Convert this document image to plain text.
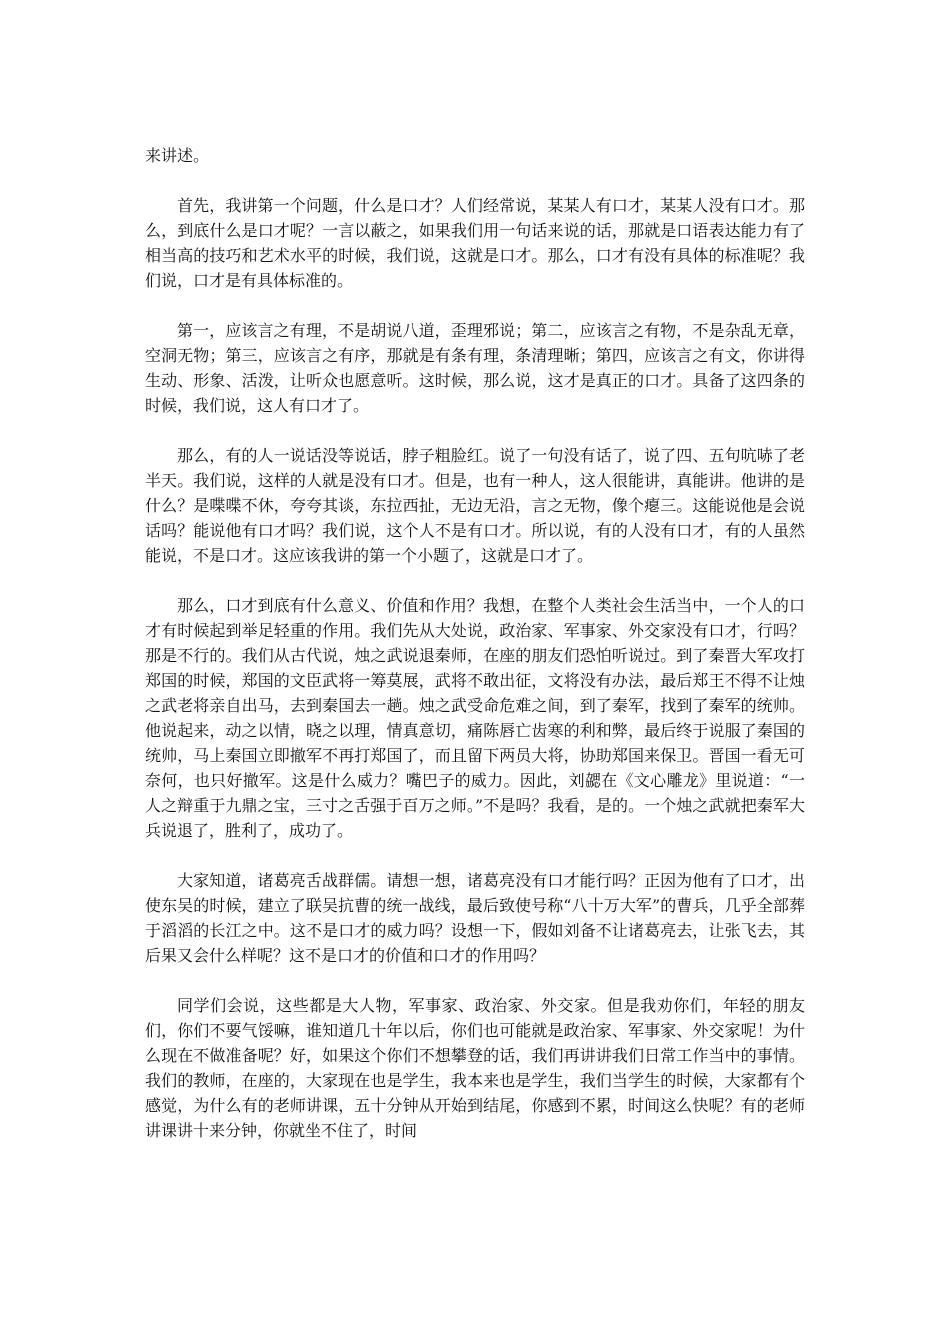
来讲述。

首先，我讲第一个问题，什么是口才？人们经常说，某某人有口才，某某人没有口才。那么，到底什么是口才呢？一言以蔽之，如果我们用一句话来说的话，那就是口语表达能力有了相当高的技巧和艺术水平的时候，我们说，这就是口才。那么，口才有没有具体的标准呢？我们说，口才是有具体标准的。

第一，应该言之有理，不是胡说八道，歪理邪说；第二，应该言之有物，不是杂乱无章，空洞无物；第三，应该言之有序，那就是有条有理，条清理晰；第四，应该言之有文，你讲得生动、形象、活泼，让听众也愿意听。这时候，那么说，这才是真正的口才。具备了这四条的时候，我们说，这人有口才了。

那么，有的人一说话没等说话，脖子粗脸红。说了一句没有话了，说了四、五句吭哧了老半天。我们说，这样的人就是没有口才。但是，也有一种人，这人很能讲，真能讲。他讲的是什么？是喋喋不休，夸夸其谈，东拉西扯，无边无沿，言之无物，像个瘪三。这能说他是会说话吗？能说他有口才吗？我们说，这个人不是有口才。所以说，有的人没有口才，有的人虽然能说，不是口才。这应该我讲的第一个小题了，这就是口才了。

那么，口才到底有什么意义、价值和作用？我想，在整个人类社会生活当中，一个人的口才有时候起到举足轻重的作用。我们先从大处说，政治家、军事家、外交家没有口才，行吗？那是不行的。我们从古代说，烛之武说退秦师，在座的朋友们恐怕听说过。到了秦晋大军攻打郑国的时候，郑国的文臣武将一筹莫展，武将不敢出征，文将没有办法，最后郑王不得不让烛之武老将亲自出马，去到秦国去一趟。烛之武受命危难之间，到了秦军，找到了秦军的统帅。他说起来，动之以情，晓之以理，情真意切，痛陈唇亡齿寒的利和弊，最后终于说服了秦国的统帅，马上秦国立即撤军不再打郑国了，而且留下两员大将，协助郑国来保卫。晋国一看无可奈何，也只好撤军。这是什么威力？嘴巴子的威力。因此，刘勰在《文心雕龙》里说道：“一人之辩重于九鼎之宝，三寸之舌强于百万之师。”不是吗？我看，是的。一个烛之武就把秦军大兵说退了，胜利了，成功了。

大家知道，诸葛亮舌战群儒。请想一想，诸葛亮没有口才能行吗？正因为他有了口才，出使东吴的时候，建立了联吴抗曹的统一战线，最后致使号称“八十万大军”的曹兵，几乎全部葬于滔滔的长江之中。这不是口才的威力吗？设想一下，假如刘备不让诸葛亮去，让张飞去，其后果又会什么样呢？这不是口才的价值和口才的作用吗？

同学们会说，这些都是大人物，军事家、政治家、外交家。但是我劝你们，年轻的朋友们，你们不要气馁嘛，谁知道几十年以后，你们也可能就是政治家、军事家、外交家呢！为什么现在不做准备呢？好，如果这个你们不想攀登的话，我们再讲讲我们日常工作当中的事情。我们的教师，在座的，大家现在也是学生，我本来也是学生，我们当学生的时候，大家都有个感觉，为什么有的老师讲课，五十分钟从开始到结尾，你感到不累，时间这么快呢？有的老师讲课讲十来分钟，你就坐不住了，时间
